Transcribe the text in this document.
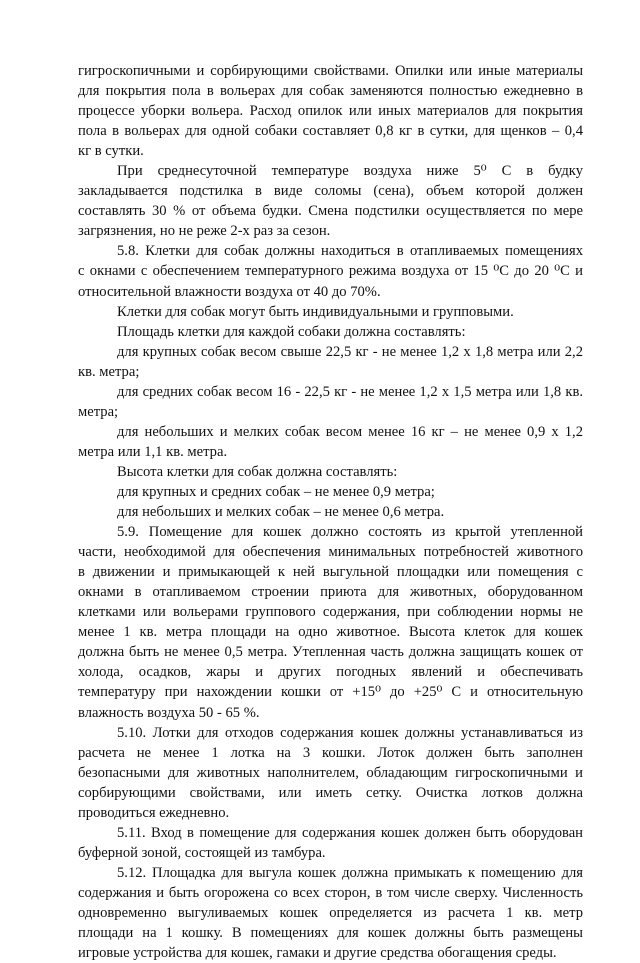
гигроскопичными и сорбирующими свойствами. Опилки или иные материалы
для покрытия пола в вольерах для собак заменяются полностью ежедневно в
процессе уборки вольера. Расход опилок или иных материалов для покрытия
пола в вольерах для одной собаки составляет 0,8 кг в сутки, для щенков – 0,4
кг в сутки.
При среднесуточной температуре воздуха ниже 5⁰ С в будку
закладывается подстилка в виде соломы (сена), объем которой должен
составлять 30 % от объема будки. Смена подстилки осуществляется по мере
загрязнения, но не реже 2-х раз за сезон.
5.8. Клетки для собак должны находиться в отапливаемых помещениях
с окнами с обеспечением температурного режима воздуха от 15 ⁰С до 20 ⁰С и
относительной влажности воздуха от 40 до 70%.
Клетки для собак могут быть индивидуальными и групповыми.
Площадь клетки для каждой собаки должна составлять:
для крупных собак весом свыше 22,5 кг - не менее 1,2 х 1,8 метра или 2,2
кв. метра;
для средних собак весом 16 - 22,5 кг - не менее 1,2 х 1,5 метра или 1,8 кв.
метра;
для небольших и мелких собак весом менее 16 кг – не менее 0,9 х 1,2
метра или 1,1 кв. метра.
Высота клетки для собак должна составлять:
для крупных и средних собак – не менее 0,9 метра;
для небольших и мелких собак – не менее 0,6 метра.
5.9. Помещение для кошек должно состоять из крытой утепленной
части, необходимой для обеспечения минимальных потребностей животного
в движении и примыкающей к ней выгульной площадки или помещения с
окнами в отапливаемом строении приюта для животных, оборудованном
клетками или вольерами группового содержания, при соблюдении нормы не
менее 1 кв. метра площади на одно животное. Высота клеток для кошек
должна быть не менее 0,5 метра. Утепленная часть должна защищать кошек от
холода, осадков, жары и других погодных явлений и обеспечивать
температуру при нахождении кошки от +15⁰ до +25⁰ С и относительную
влажность воздуха 50 - 65 %.
5.10. Лотки для отходов содержания кошек должны устанавливаться из
расчета не менее 1 лотка на 3 кошки. Лоток должен быть заполнен
безопасными для животных наполнителем, обладающим гигроскопичными и
сорбирующими свойствами, или иметь сетку. Очистка лотков должна
проводиться ежедневно.
5.11. Вход в помещение для содержания кошек должен быть оборудован
буферной зоной, состоящей из тамбура.
5.12. Площадка для выгула кошек должна примыкать к помещению для
содержания и быть огорожена со всех сторон, в том числе сверху. Численность
одновременно выгуливаемых кошек определяется из расчета 1 кв. метр
площади на 1 кошку. В помещениях для кошек должны быть размещены
игровые устройства для кошек, гамаки и другие средства обогащения среды.
